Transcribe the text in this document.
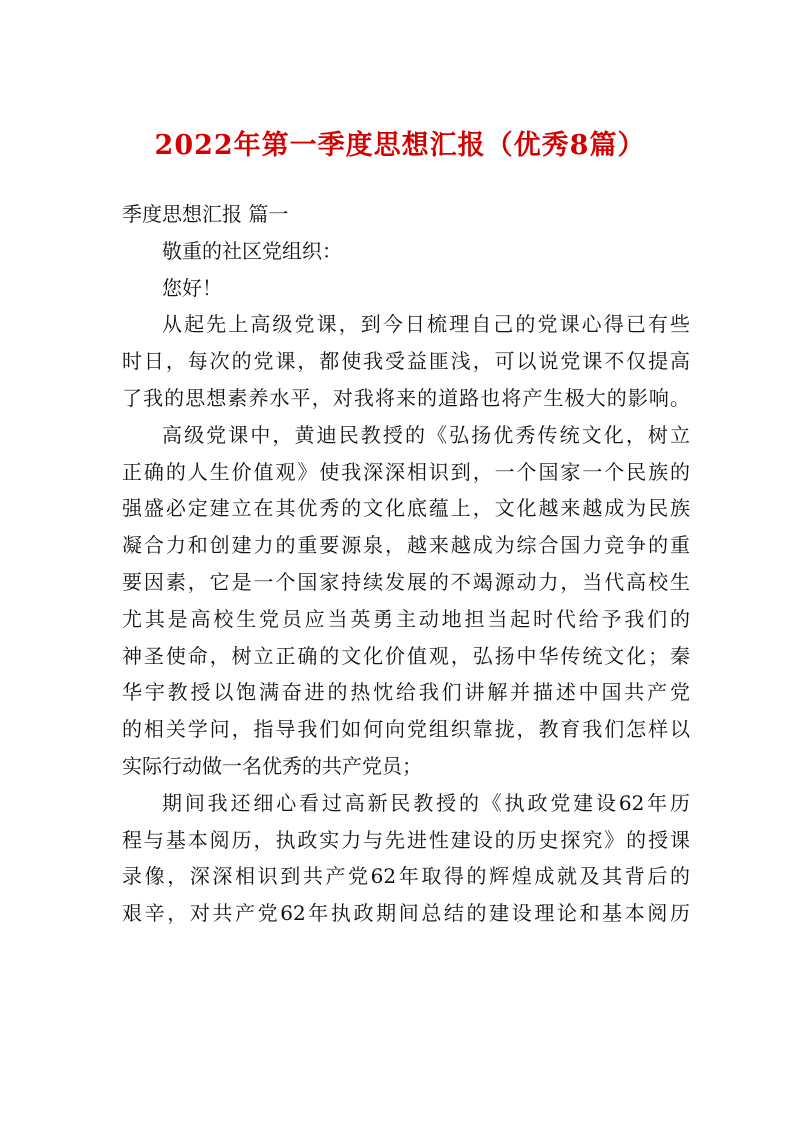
2022年第一季度思想汇报（优秀8篇）
季度思想汇报 篇一
敬重的社区党组织：
您好！
从起先上高级党课，到今日梳理自己的党课心得已有些
时日，每次的党课，都使我受益匪浅，可以说党课不仅提高
了我的思想素养水平，对我将来的道路也将产生极大的影响。
高级党课中，黄迪民教授的《弘扬优秀传统文化，树立
正确的人生价值观》使我深深相识到，一个国家一个民族的
强盛必定建立在其优秀的文化底蕴上，文化越来越成为民族
凝合力和创建力的重要源泉，越来越成为综合国力竞争的重
要因素，它是一个国家持续发展的不竭源动力，当代高校生
尤其是高校生党员应当英勇主动地担当起时代给予我们的
神圣使命，树立正确的文化价值观，弘扬中华传统文化；秦
华宇教授以饱满奋进的热忱给我们讲解并描述中国共产党
的相关学问，指导我们如何向党组织靠拢，教育我们怎样以
实际行动做一名优秀的共产党员；
期间我还细心看过高新民教授的《执政党建设62年历
程与基本阅历，执政实力与先进性建设的历史探究》的授课
录像，深深相识到共产党62年取得的辉煌成就及其背后的
艰辛，对共产党62年执政期间总结的建设理论和基本阅历
